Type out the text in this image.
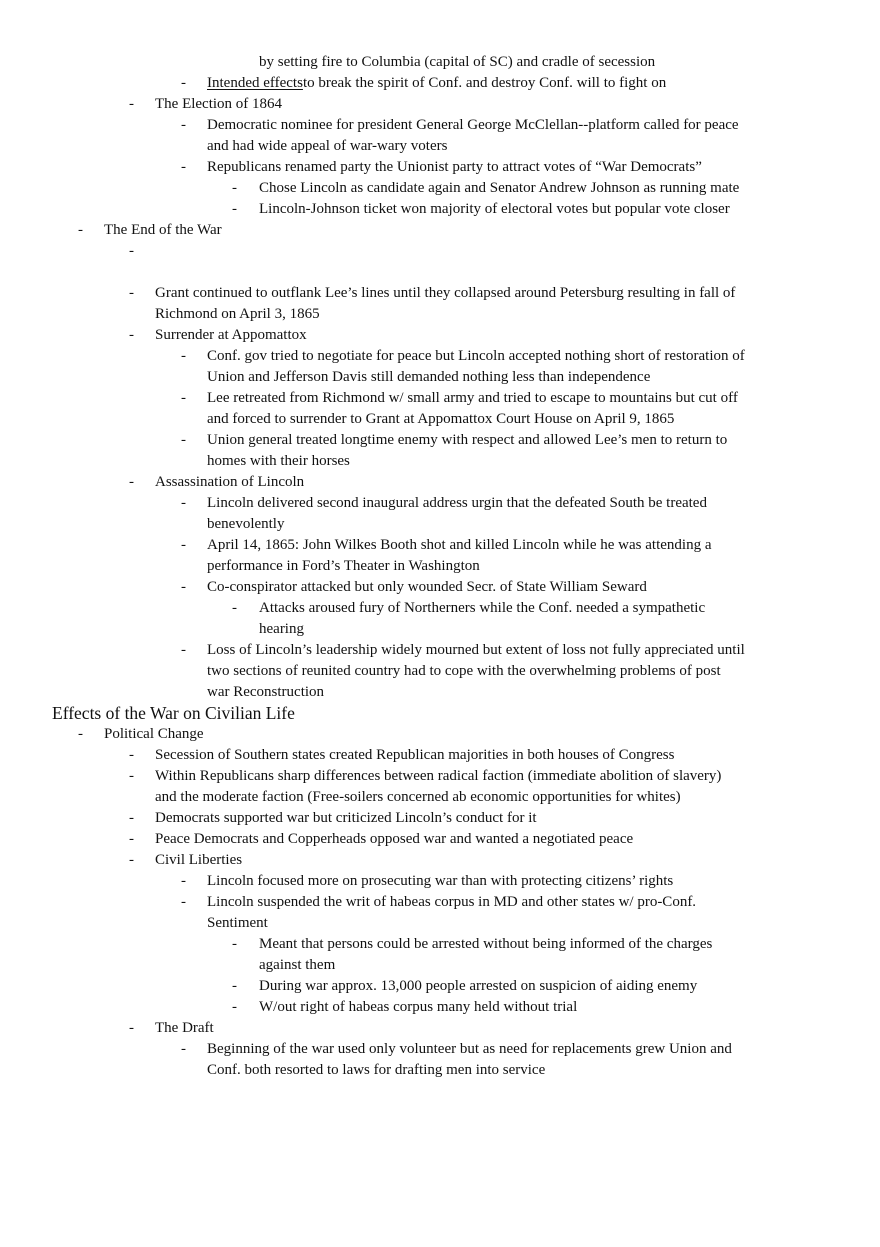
by setting fire to Columbia (capital of SC) and cradle of secession
- Intended effectsto break the spirit of Conf. and destroy Conf. will to fight on
- The Election of 1864
- Democratic nominee for president General George McClellan--platform called for peace
and had wide appeal of war-wary voters
- Republicans renamed party the Unionist party to attract votes of “War Democrats”
- Chose Lincoln as candidate again and Senator Andrew Johnson as running mate
- Lincoln-Johnson ticket won majority of electoral votes but popular vote closer
- The End of the War
-
- Grant continued to outflank Lee’s lines until they collapsed around Petersburg resulting in fall of
Richmond on April 3, 1865
- Surrender at Appomattox
- Conf. gov tried to negotiate for peace but Lincoln accepted nothing short of restoration of
Union and Jefferson Davis still demanded nothing less than independence
- Lee retreated from Richmond w/ small army and tried to escape to mountains but cut off
and forced to surrender to Grant at Appomattox Court House on April 9, 1865
- Union general treated longtime enemy with respect and allowed Lee’s men to return to
homes with their horses
- Assassination of Lincoln
- Lincoln delivered second inaugural address urgin that the defeated South be treated
benevolently
- April 14, 1865: John Wilkes Booth shot and killed Lincoln while he was attending a
performance in Ford’s Theater in Washington
- Co-conspirator attacked but only wounded Secr. of State William Seward
- Attacks aroused fury of Northerners while the Conf. needed a sympathetic
hearing
- Loss of Lincoln’s leadership widely mourned but extent of loss not fully appreciated until
two sections of reunited country had to cope with the overwhelming problems of post
war Reconstruction
Effects of the War on Civilian Life
- Political Change
- Secession of Southern states created Republican majorities in both houses of Congress
- Within Republicans sharp differences between radical faction (immediate abolition of slavery)
and the moderate faction (Free-soilers concerned ab economic opportunities for whites)
- Democrats supported war but criticized Lincoln’s conduct for it
- Peace Democrats and Copperheads opposed war and wanted a negotiated peace
- Civil Liberties
- Lincoln focused more on prosecuting war than with protecting citizens’ rights
- Lincoln suspended the writ of habeas corpus in MD and other states w/ pro-Conf.
Sentiment
- Meant that persons could be arrested without being informed of the charges
against them
- During war approx. 13,000 people arrested on suspicion of aiding enemy
- W/out right of habeas corpus many held without trial
- The Draft
- Beginning of the war used only volunteer but as need for replacements grew Union and
Conf. both resorted to laws for drafting men into service
